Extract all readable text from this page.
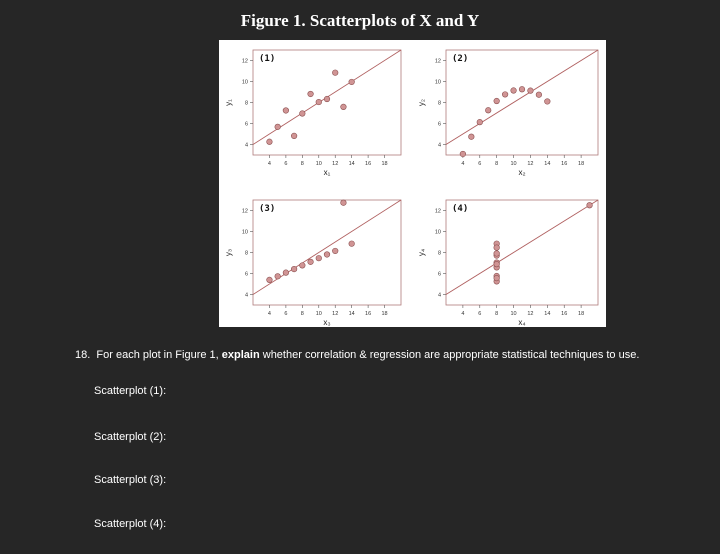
Figure 1. Scatterplots of X and Y
4 6 8 10 12 14 16 18
4
6
8
10
12
x₁
y₁
(1)
4	6	8 10 12 14 16 18
4
6
8
10
12
x₂
y₂
(2)
4 6 8 10 12 14 16 18
4
6
8
10
12
x₃
y₃
(3)
4	6	8 10 12 14 16 18
4
6
8
10
12
x₄
y₄
(4)
18. For each plot in Figure 1, explain whether correlation & regression are appropriate statistical techniques to use.
Scatterplot (1):
Scatterplot (2):
Scatterplot (3):
Scatterplot (4):
